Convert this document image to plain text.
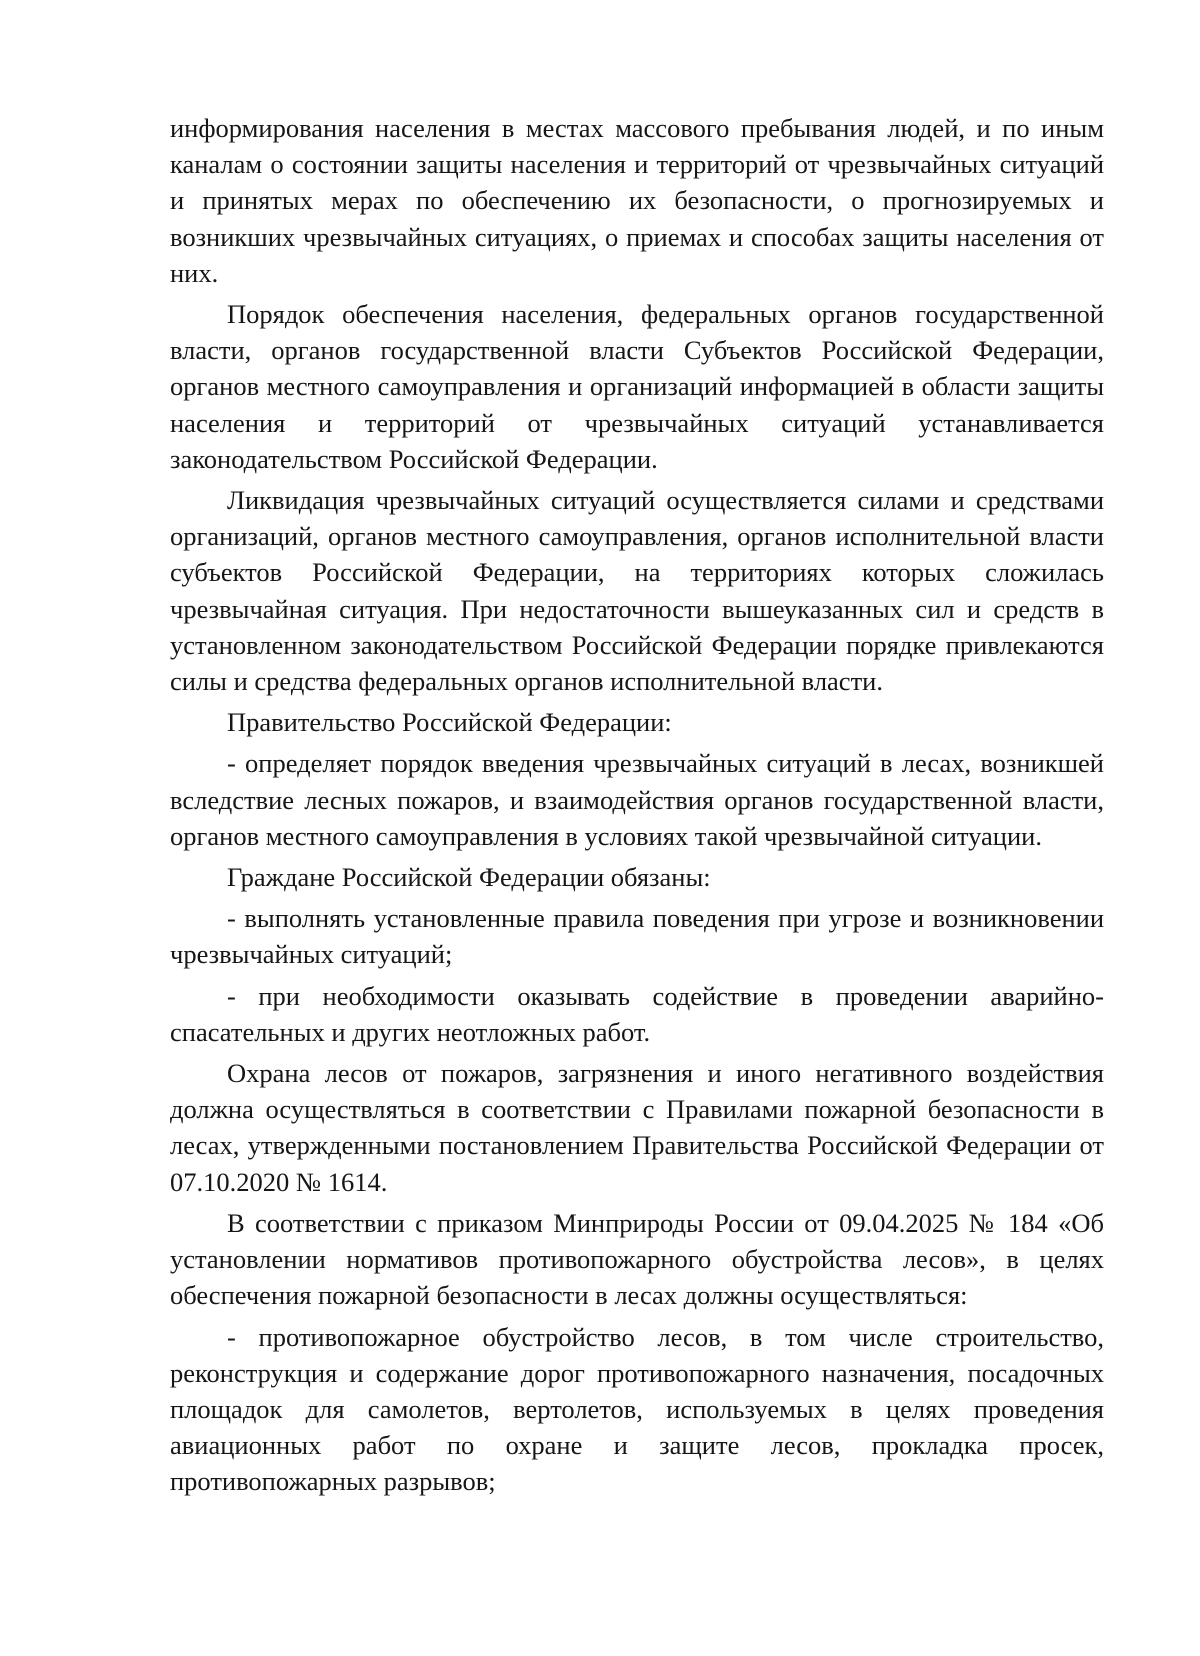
информирования населения в местах массового пребывания людей, и по иным каналам о состоянии защиты населения и территорий от чрезвычайных ситуаций и принятых мерах по обеспечению их безопасности, о прогнозируемых и возникших чрезвычайных ситуациях, о приемах и способах защиты населения от них.

Порядок обеспечения населения, федеральных органов государственной власти, органов государственной власти Субъектов Российской Федерации, органов местного самоуправления и организаций информацией в области защиты населения и территорий от чрезвычайных ситуаций устанавливается законодательством Российской Федерации.

Ликвидация чрезвычайных ситуаций осуществляется силами и средствами организаций, органов местного самоуправления, органов исполнительной власти субъектов Российской Федерации, на территориях которых сложилась чрезвычайная ситуация. При недостаточности вышеуказанных сил и средств в установленном законодательством Российской Федерации порядке привлекаются силы и средства федеральных органов исполнительной власти.

Правительство Российской Федерации:

- определяет порядок введения чрезвычайных ситуаций в лесах, возникшей вследствие лесных пожаров, и взаимодействия органов государственной власти, органов местного самоуправления в условиях такой чрезвычайной ситуации.

Граждане Российской Федерации обязаны:

- выполнять установленные правила поведения при угрозе и возникновении чрезвычайных ситуаций;

- при необходимости оказывать содействие в проведении аварийно-спасательных и других неотложных работ.

Охрана лесов от пожаров, загрязнения и иного негативного воздействия должна осуществляться в соответствии с Правилами пожарной безопасности в лесах, утвержденными постановлением Правительства Российской Федерации от 07.10.2020 № 1614.

В соответствии с приказом Минприроды России от 09.04.2025 № 184 «Об установлении нормативов противопожарного обустройства лесов», в целях обеспечения пожарной безопасности в лесах должны осуществляться:

- противопожарное обустройство лесов, в том числе строительство, реконструкция и содержание дорог противопожарного назначения, посадочных площадок для самолетов, вертолетов, используемых в целях проведения авиационных работ по охране и защите лесов, прокладка просек, противопожарных разрывов;
